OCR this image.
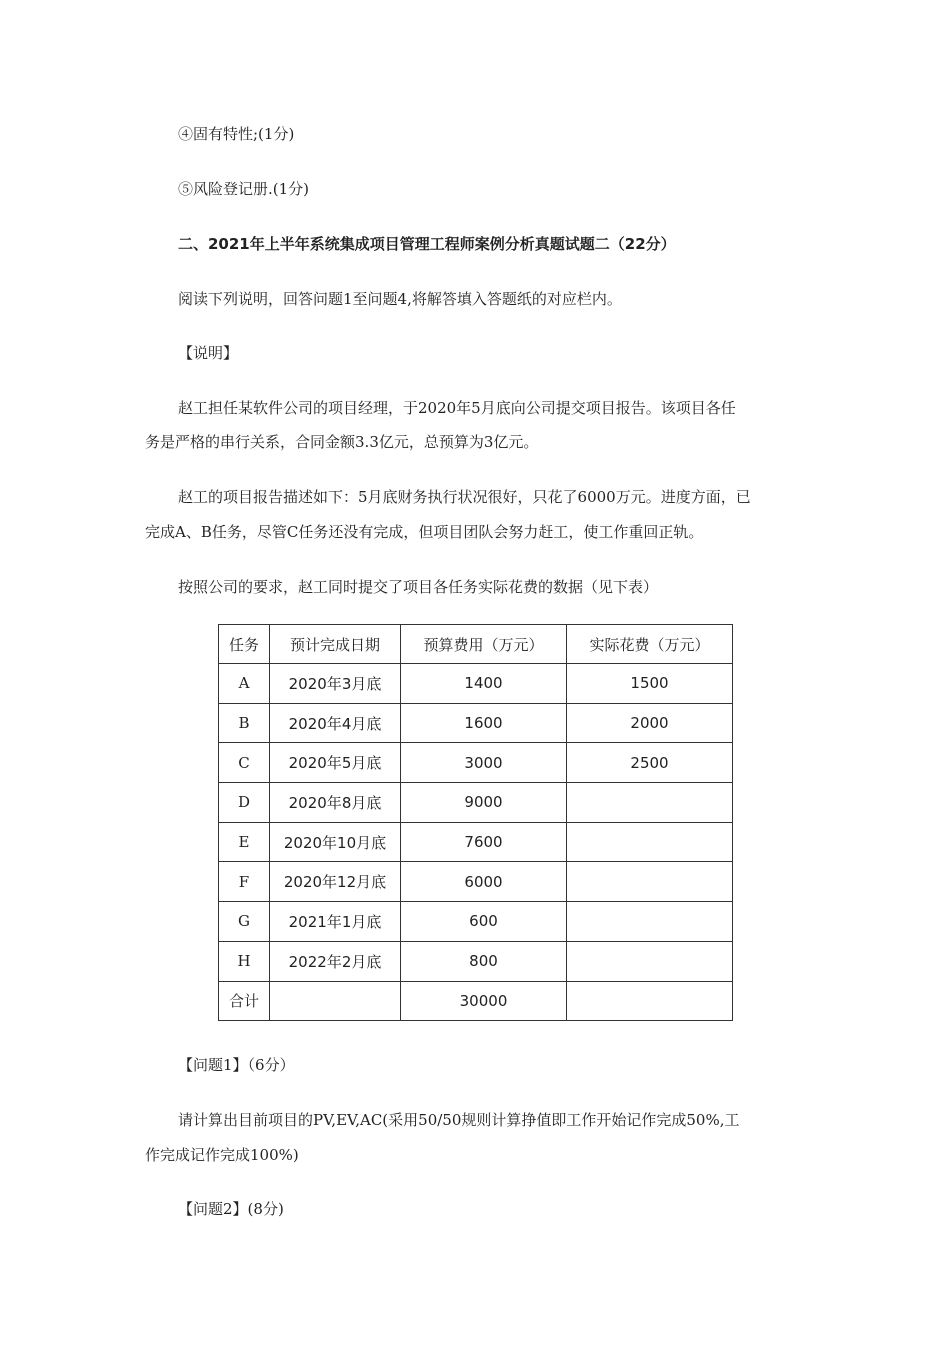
④固有特性;(1分)
⑤风险登记册.(1分)
二、2021年上半年系统集成项目管理工程师案例分析真题试题二（22分）
阅读下列说明，回答问题1至问题4,将解答填入答题纸的对应栏内。
【说明】
赵工担任某软件公司的项目经理，于2020年5月底向公司提交项目报告。该项目各任
务是严格的串行关系，合同金额3.3亿元，总预算为3亿元。
赵工的项目报告描述如下：5月底财务执行状况很好，只花了6000万元。进度方面，已
完成A、B任务，尽管C任务还没有完成，但项目团队会努力赶工，使工作重回正轨。
按照公司的要求，赵工同时提交了项目各任务实际花费的数据（见下表）
任务	预计完成日期	预算费用（万元）	实际花费（万元）
A	2020年3月底	1400	1500
B	2020年4月底	1600	2000
C	2020年5月底	3000	2500
D	2020年8月底	9000	
E	2020年10月底	7600	
F	2020年12月底	6000	
G	2021年1月底	600	
H	2022年2月底	800	
合计		30000	
【问题1】（6分）
请计算出目前项目的PV,EV,AC(采用50/50规则计算挣值即工作开始记作完成50%,工
作完成记作完成100%)
【问题2】(8分)
